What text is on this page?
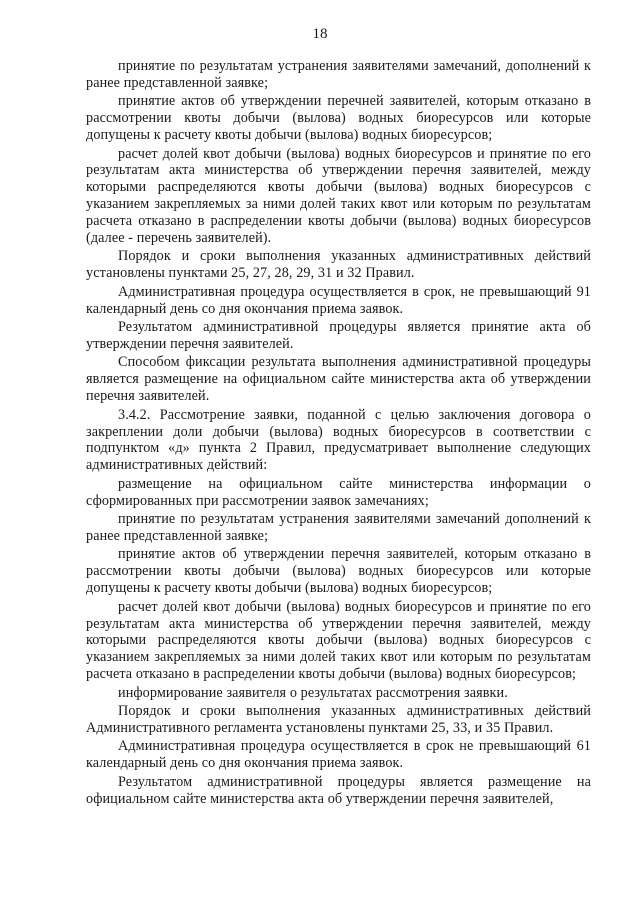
18

принятие по результатам устранения заявителями замечаний, дополнений к ранее представленной заявке;

принятие актов об утверждении перечней заявителей, которым отказано в рассмотрении квоты добычи (вылова) водных биоресурсов или которые допущены к расчету квоты добычи (вылова) водных биоресурсов;

расчет долей квот добычи (вылова) водных биоресурсов и принятие по его результатам акта министерства об утверждении перечня заявителей, между которыми распределяются квоты добычи (вылова) водных биоресурсов с указанием закрепляемых за ними долей таких квот или которым по результатам расчета отказано в распределении квоты добычи (вылова) водных биоресурсов (далее - перечень заявителей).

Порядок и сроки выполнения указанных административных действий установлены пунктами 25, 27, 28, 29, 31 и 32 Правил.

Административная процедура осуществляется в срок, не превышающий 91 календарный день со дня окончания приема заявок.

Результатом административной процедуры является принятие акта об утверждении перечня заявителей.

Способом фиксации результата выполнения административной процедуры является размещение на официальном сайте министерства акта об утверждении перечня заявителей.

3.4.2. Рассмотрение заявки, поданной с целью заключения договора о закреплении доли добычи (вылова) водных биоресурсов в соответствии с подпунктом «д» пункта 2 Правил, предусматривает выполнение следующих административных действий:

размещение на официальном сайте министерства информации о сформированных при рассмотрении заявок замечаниях;

принятие по результатам устранения заявителями замечаний дополнений к ранее представленной заявке;

принятие актов об утверждении перечня заявителей, которым отказано в рассмотрении квоты добычи (вылова) водных биоресурсов или которые допущены к расчету квоты добычи (вылова) водных биоресурсов;

расчет долей квот добычи (вылова) водных биоресурсов и принятие по его результатам акта министерства об утверждении перечня заявителей, между которыми распределяются квоты добычи (вылова) водных биоресурсов с указанием закрепляемых за ними долей таких квот или которым по результатам расчета отказано в распределении квоты добычи (вылова) водных биоресурсов;

информирование заявителя о результатах рассмотрения заявки.

Порядок и сроки выполнения указанных административных действий Административного регламента установлены пунктами 25, 33, и 35 Правил.

Административная процедура осуществляется в срок не превышающий 61 календарный день со дня окончания приема заявок.

Результатом административной процедуры является размещение на официальном сайте министерства акта об утверждении перечня заявителей,
